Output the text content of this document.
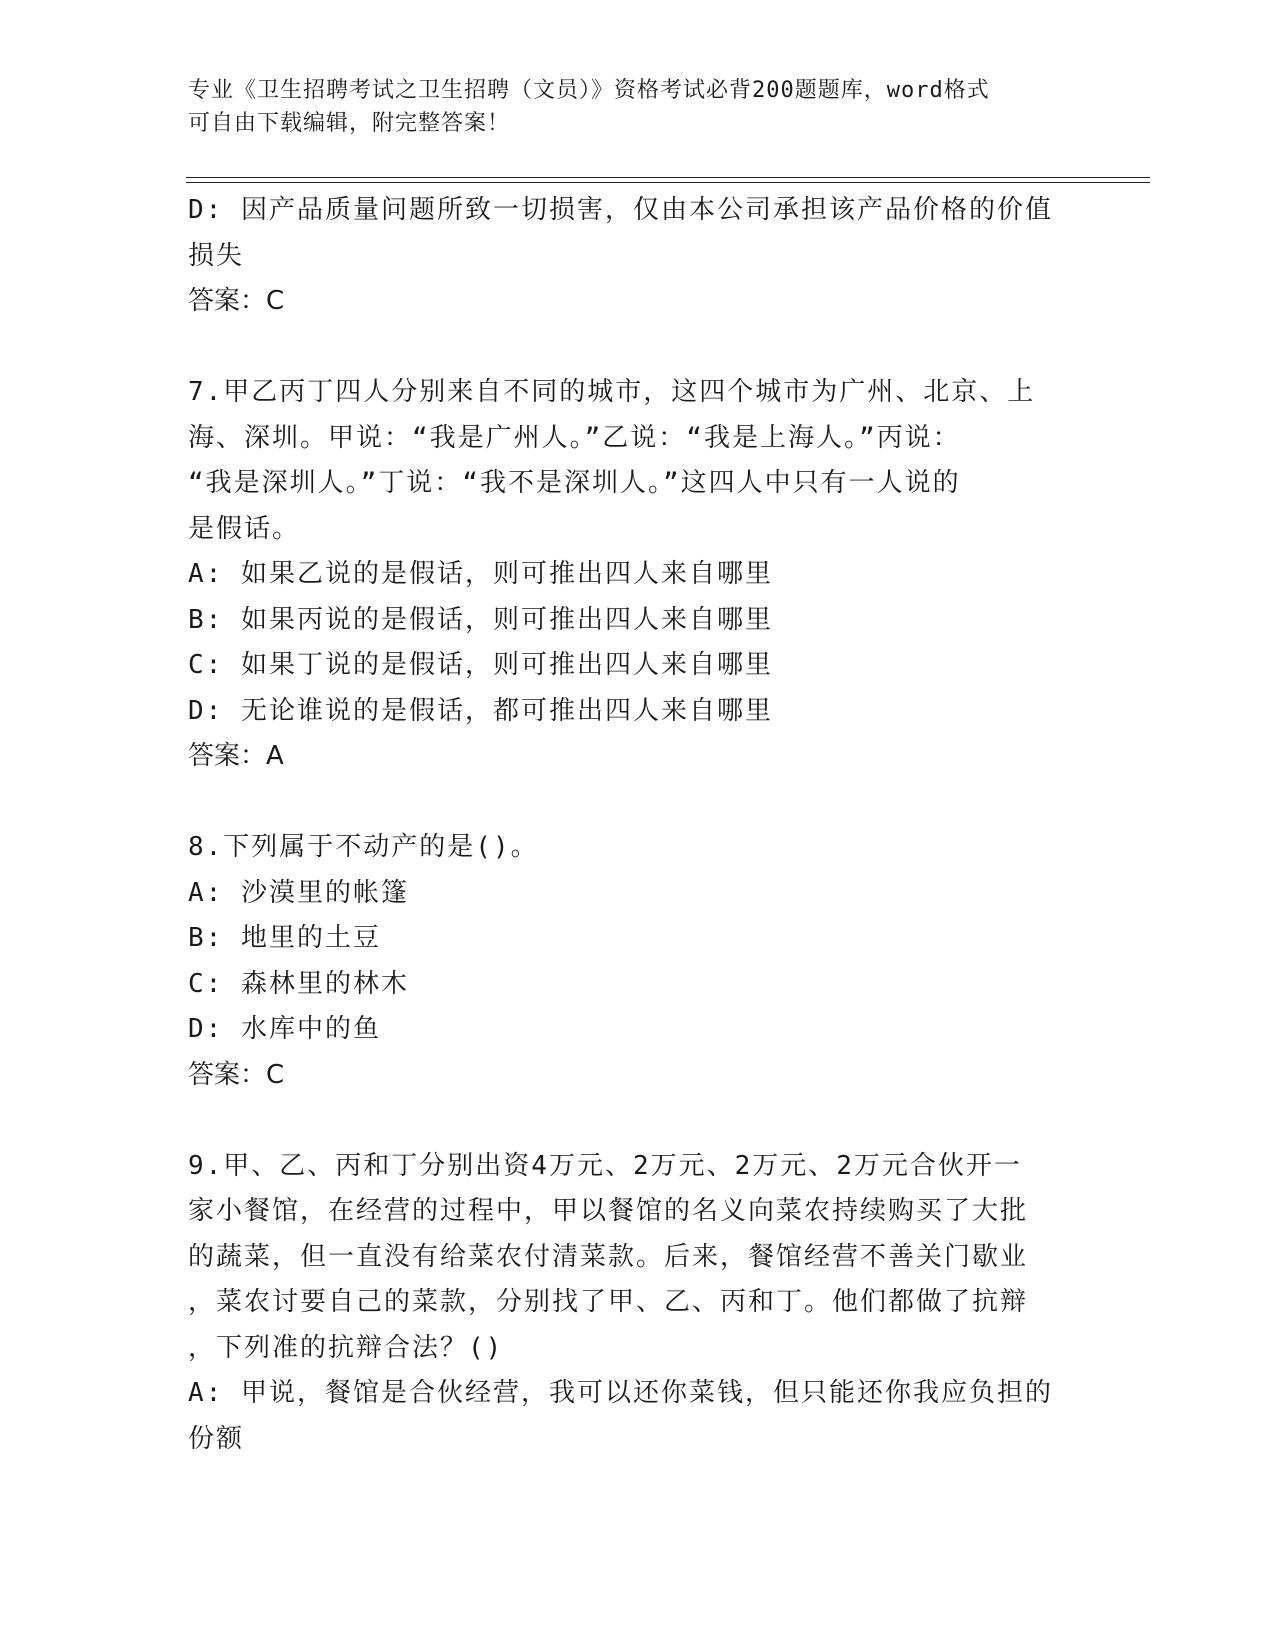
专业《卫生招聘考试之卫生招聘（文员）》资格考试必背200题题库，word格式
可自由下载编辑，附完整答案！
D: 因产品质量问题所致一切损害，仅由本公司承担该产品价格的价值
损失
答案：C
7.甲乙丙丁四人分别来自不同的城市，这四个城市为广州、北京、上
海、深圳。甲说：“我是广州人。”乙说：“我是上海人。”丙说：
“我是深圳人。”丁说：“我不是深圳人。”这四人中只有一人说的
是假话。
A: 如果乙说的是假话，则可推出四人来自哪里
B: 如果丙说的是假话，则可推出四人来自哪里
C: 如果丁说的是假话，则可推出四人来自哪里
D: 无论谁说的是假话，都可推出四人来自哪里
答案：A
8.下列属于不动产的是()。
A: 沙漠里的帐篷
B: 地里的土豆
C: 森林里的林木
D: 水库中的鱼
答案：C
9.甲、乙、丙和丁分别出资4万元、2万元、2万元、2万元合伙开一
家小餐馆，在经营的过程中，甲以餐馆的名义向菜农持续购买了大批
的蔬菜，但一直没有给菜农付清菜款。后来，餐馆经营不善关门歇业
，菜农讨要自己的菜款，分别找了甲、乙、丙和丁。他们都做了抗辩
，下列准的抗辩合法？()
A: 甲说，餐馆是合伙经营，我可以还你菜钱，但只能还你我应负担的
份额
